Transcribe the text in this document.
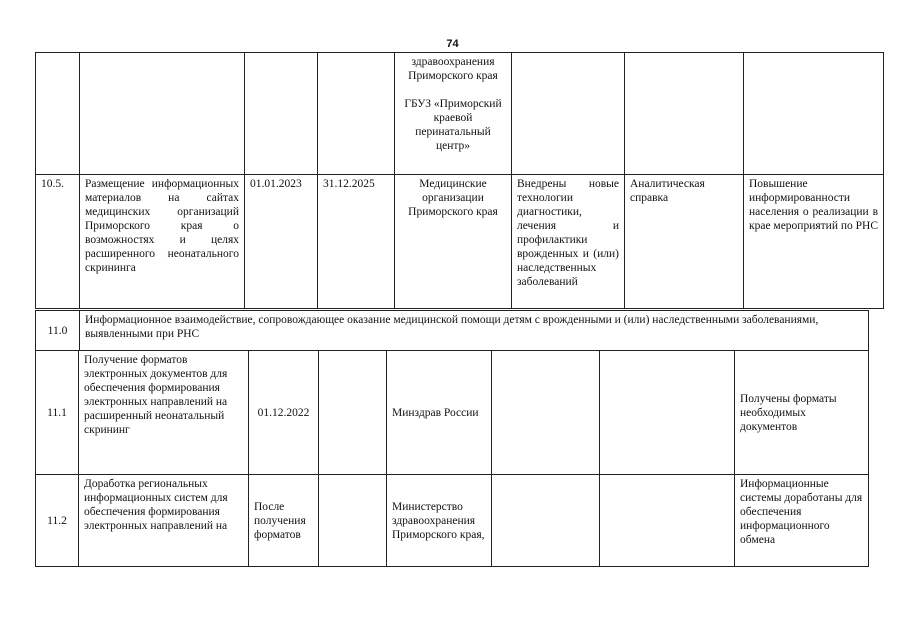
74
				здравоохранения Приморского края

ГБУЗ «Приморский краевой перинатальный центр»			
10.5.	Размещение информационных материалов на сайтах медицинских организаций Приморского края о возможностях и целях расширенного неонатального скрининга	01.01.2023	31.12.2025	Медицинские организации Приморского края	Внедрены новые технологии диагностики, лечения и профилактики врожденных и (или) наследственных заболеваний	Аналитическая справка	Повышение информированности населения о реализации в крае мероприятий по РНС
11.0	Информационное взаимодействие, сопровождающее оказание медицинской помощи детям с врожденными и (или) наследственными заболеваниями, выявленными при РНС
11.1	Получение форматов электронных документов для обеспечения формирования электронных направлений на расширенный неонатальный скрининг	01.12.2022		Минздрав России			Получены форматы необходимых документов
11.2	Доработка региональных информационных систем для обеспечения формирования электронных направлений на	После получения форматов		Министерство здравоохранения Приморского края,			Информационные системы доработаны для обеспечения информационного обмена
